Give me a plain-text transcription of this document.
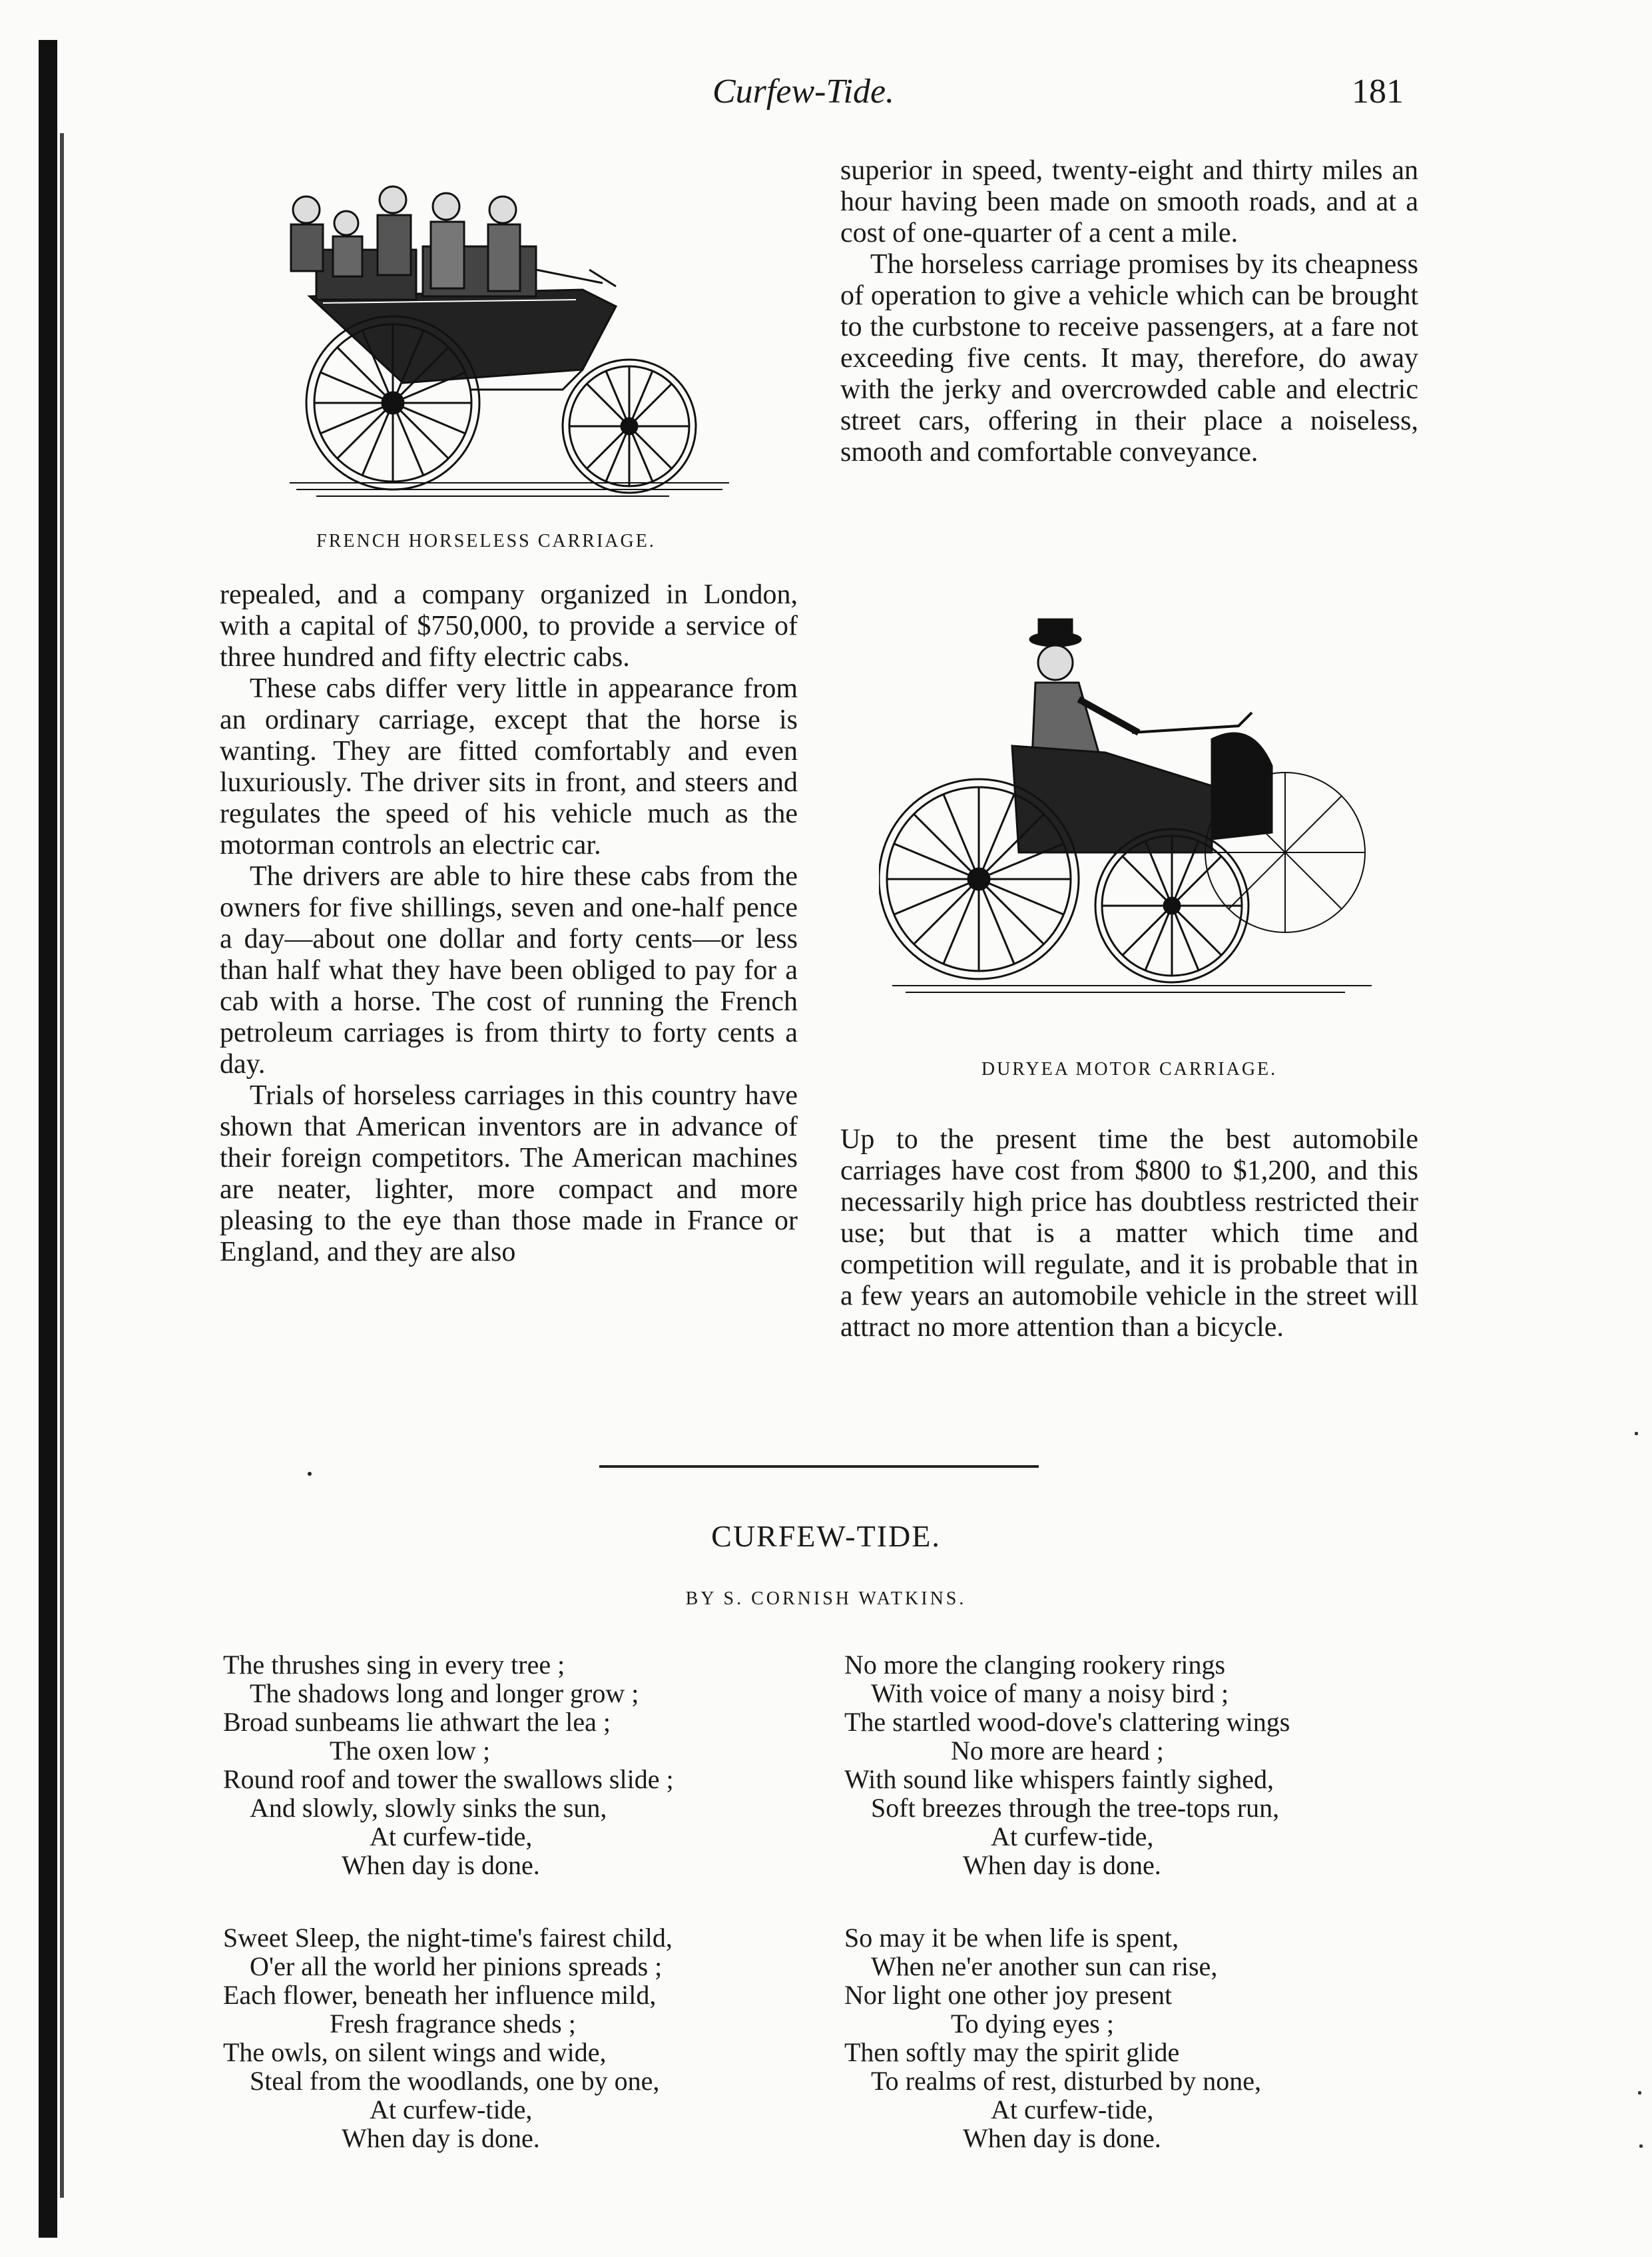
Curfew-Tide.	181
FRENCH HORSELESS CARRIAGE.

repealed, and a company organized in London, with a capital of $750,000, to provide a service of three hundred and fifty electric cabs.

These cabs differ very little in appearance from an ordinary carriage, except that the horse is wanting. They are fitted comfortably and even luxuriously. The driver sits in front, and steers and regulates the speed of his vehicle much as the motorman controls an electric car.

The drivers are able to hire these cabs from the owners for five shillings, seven and one-half pence a day—about one dollar and forty cents—or less than half what they have been obliged to pay for a cab with a horse. The cost of running the French petroleum carriages is from thirty to forty cents a day.

Trials of horseless carriages in this country have shown that American inventors are in advance of their foreign competitors. The American machines are neater, lighter, more compact and more pleasing to the eye than those made in France or England, and they are also

superior in speed, twenty-eight and thirty miles an hour having been made on smooth roads, and at a cost of one-quarter of a cent a mile.

The horseless carriage promises by its cheapness of operation to give a vehicle which can be brought to the curbstone to receive passengers, at a fare not exceeding five cents. It may, therefore, do away with the jerky and overcrowded cable and electric street cars, offering in their place a noiseless, smooth and comfortable conveyance.

DURYEA MOTOR CARRIAGE.

Up to the present time the best automobile carriages have cost from $800 to $1,200, and this necessarily high price has doubtless restricted their use; but that is a matter which time and competition will regulate, and it is probable that in a few years an automobile vehicle in the street will attract no more attention than a bicycle.

CURFEW-TIDE.
BY S. CORNISH WATKINS.
The thrushes sing in every tree ;
The shadows long and longer grow ;
Broad sunbeams lie athwart the lea ;
The oxen low ;
Round roof and tower the swallows slide ;
And slowly, slowly sinks the sun,
At curfew-tide,
When day is done.
No more the clanging rookery rings
With voice of many a noisy bird ;
The startled wood-dove's clattering wings
No more are heard ;
With sound like whispers faintly sighed,
Soft breezes through the tree-tops run,
At curfew-tide,
When day is done.
Sweet Sleep, the night-time's fairest child,
O'er all the world her pinions spreads ;
Each flower, beneath her influence mild,
Fresh fragrance sheds ;
The owls, on silent wings and wide,
Steal from the woodlands, one by one,
At curfew-tide,
When day is done.
So may it be when life is spent,
When ne'er another sun can rise,
Nor light one other joy present
To dying eyes ;
Then softly may the spirit glide
To realms of rest, disturbed by none,
At curfew-tide,
When day is done.
